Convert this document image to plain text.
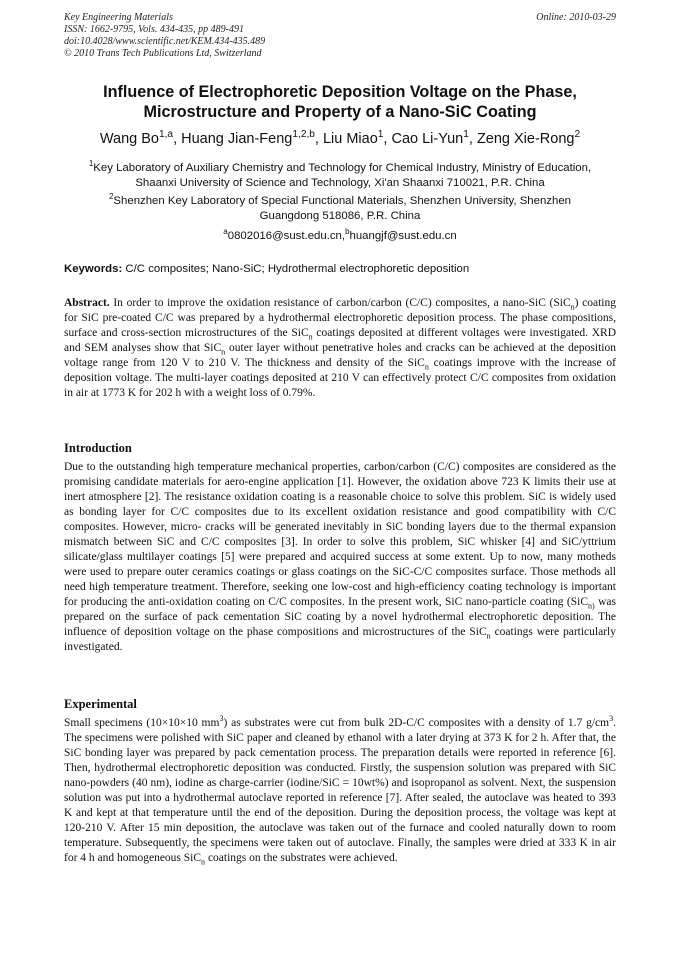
Key Engineering Materials
ISSN: 1662-9795, Vols. 434-435, pp 489-491
doi:10.4028/www.scientific.net/KEM.434-435.489
© 2010 Trans Tech Publications Ltd, Switzerland
Online: 2010-03-29
Influence of Electrophoretic Deposition Voltage on the Phase,
Microstructure and Property of a Nano-SiC Coating
Wang Bo$^{1,a}$, Huang Jian-Feng$^{1,2,b}$, Liu Miao$^1$, Cao Li-Yun$^1$, Zeng Xie-Rong$^2$
$^1$Key Laboratory of Auxiliary Chemistry and Technology for Chemical Industry, Ministry of Education,
Shaanxi University of Science and Technology, Xi'an Shaanxi 710021, P.R. China
$^2$Shenzhen Key Laboratory of Special Functional Materials, Shenzhen University, Shenzhen
Guangdong 518086, P.R. China
$^a$0802016@sust.edu.cn,$^b$huangjf@sust.edu.cn
Keywords: C/C composites; Nano-SiC; Hydrothermal electrophoretic deposition
Abstract. In order to improve the oxidation resistance of carbon/carbon (C/C) composites, a nano-SiC (SiC$_n$) coating for SiC pre-coated C/C was prepared by a hydrothermal electrophoretic deposition process. The phase compositions, surface and cross-section microstructures of the SiC$_n$ coatings deposited at different voltages were investigated. XRD and SEM analyses show that SiC$_n$ outer layer without penetrative holes and cracks can be achieved at the deposition voltage range from 120 V to 210 V. The thickness and density of the SiC$_n$ coatings improve with the increase of deposition voltage. The multi-layer coatings deposited at 210 V can effectively protect C/C composites from oxidation in air at 1773 K for 202 h with a weight loss of 0.79%.
Introduction
Due to the outstanding high temperature mechanical properties, carbon/carbon (C/C) composites are considered as the promising candidate materials for aero-engine application [1]. However, the oxidation above 723 K limits their use at inert atmosphere [2]. The resistance oxidation coating is a reasonable choice to solve this problem. SiC is widely used as bonding layer for C/C composites due to its excellent oxidation resistance and good compatibility with C/C composites. However, micro- cracks will be generated inevitably in SiC bonding layers due to the thermal expansion mismatch between SiC and C/C composites [3]. In order to solve this problem, SiC whisker [4] and SiC/yttrium silicate/glass multilayer coatings [5] were prepared and acquired success at some extent. Up to now, many motheds were used to prepare outer ceramics coatings or glass coatings on the SiC-C/C composites surface. Those methods all need high temperature treatment. Therefore, seeking one low-cost and high-efficiency coating technology is important for producing the anti-oxidation coating on C/C composites. In the present work, SiC nano-particle coating (SiC$_{n)}$ was prepared on the surface of pack cementation SiC coating by a novel hydrothermal electrophoretic deposition. The influence of deposition voltage on the phase compositions and microstructures of the SiC$_n$ coatings were particularly investigated.
Experimental
Small specimens (10×10×10 $mm^3$) as substrates were cut from bulk 2D-C/C composites with a density of 1.7 $g/cm^3$. The specimens were polished with SiC paper and cleaned by ethanol with a later drying at 373 K for 2 h. After that, the SiC bonding layer was prepared by pack cementation process. The preparation details were reported in reference [6]. Then, hydrothermal electrophoretic deposition was conducted. Firstly, the suspension solution was prepared with SiC nano-powders (40 nm), iodine as charge-carrier (iodine/SiC = 10wt%) and isopropanol as solvent. Next, the suspension solution was put into a hydrothermal autoclave reported in reference [7]. After sealed, the autoclave was heated to 393 K and kept at that temperature until the end of the deposition. During the deposition process, the voltage was kept at 120-210 V. After 15 min deposition, the autoclave was taken out of the furnace and cooled naturally down to room temperature. Subsequently, the specimens were taken out of autoclave. Finally, the samples were dried at 333 K in air for 4 h and homogeneous SiC$_n$ coatings on the substrates were achieved.
